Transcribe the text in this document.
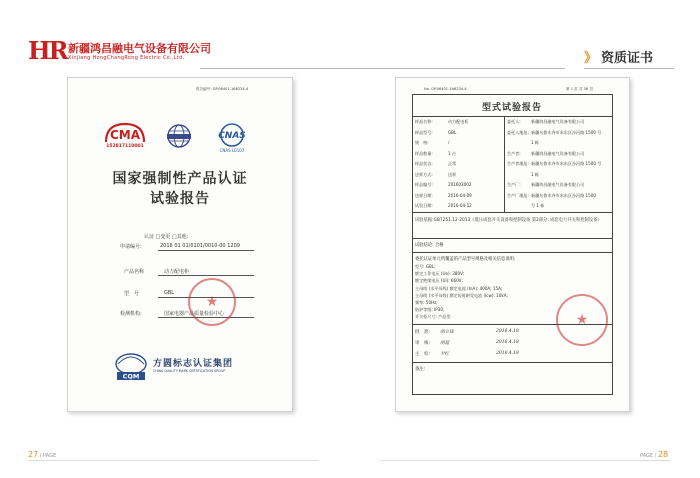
HR 新疆鸿昌融电气设备有限公司
Xinjiang HongChangRong Electric Co.,Ltd.	》 资质证书
报告编号: GP.06401-166234-4
CMA
152817110001
CNAS
CNAS L0107
国家强制性产品认证
试验报告
认证 □变更 □其他:
申请编号:	2016 01 01/0101/0010-00 1209
产品名称	动力配电柜
型　号	GBL
检测机构:	国家电器产品质量检验中心
★
CQM
方圆标志认证集团
CHINA QUALITY MARK CERTIFICATION GROUP
No. GP.06401-166234-4	第 1 页 共 36 页
型式试验报告
样品名称:	动力配电柜	委托人:	新疆鸿昌融电气设备有限公司
样品型号:	GBL	委托人地址: 新疆乌鲁木齐市米东区沙河路 1500 号
规　格:	/	1 栋
样品数量:	1 台	生产者:	新疆鸿昌融电气设备有限公司
样品状态:	正常	生产者地址: 新疆乌鲁木齐市米东区沙河路 1500 号
送样方式:	送样	1 栋
样品编号:	201603002	生产厂:	新疆鸿昌融电气设备有限公司
送样日期:	2016-04-09	生产厂地址: 新疆乌鲁木齐市米东区沙河路 1500
试验日期:	2016-04-12	号 1 栋
试验依据:GB7251.12-2013《低压成套开关设备和控制设备 第2部分: 成套电力开关和控制设备》
试验结论: 合格
委托认证单元所覆盖的产品型号规格及相关信息说明:
型号: GBL;
额定工作电压 (Ue): 380V;
额定绝缘电压 (Ui): 660V;
主母线 (水平母线) 额定电流 (InA): 400A; 15A;
主母线 (水平母线) 额定短时耐受电流 (Icw): 10kA;
频率: 50Hz;
防护等级: IP30;
开关柜尺寸: 产品型
批　准: 胡立锋	2016.4.18
审　核: 胡超	2016.4.18
主　检: 尹红	2016.4.18
★
备注:
27 / PAGE	PAGE / 28
